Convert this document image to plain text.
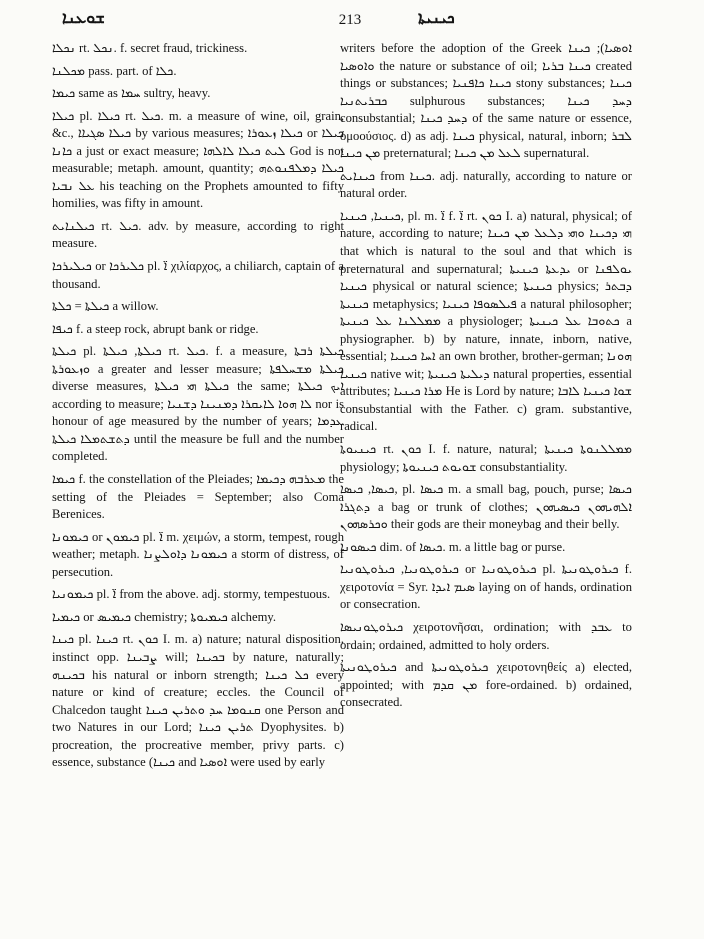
ܫܘܥܢܐ	213	ܟܝܢܝܬܐ

ܢܟܠܐ rt. ܢܟܠ. f. secret fraud, trickiness.

ܡܟܠܢܐ pass. part. of ܟܠܐ.

ܟܝܡܐ same as ܚܡܐ sultry, heavy.

ܟܝܠܐ pl. ܟܝܠܐ rt. ܟܝܠ. m. a measure of wine, oil, grain, &c., ܟܝܠܐ ܣܓܝܐܐ by various measures; ܟܝܠܐ ܙܥܘܪܐ or ܟܝܠܐ ܟܐܢܐ a just or exact measure; ܠܝܬ ܟܝܠܐ ܠܐܠܗܐ God is not measurable; metaph. amount, quantity; ܟܝܠܐ ܕܡܠܦܢܘܬܗ ܥܠ ܢܒܝܐ his teaching on the Prophets amounted to fifty homilies, was fifty in amount.

ܟܝܠܢܐܝܬ rt. ܟܝܠ. adv. by measure, according to right measure.

ܟܝܠܝܪܟܐ or ܟܠܝܪܟܐ pl. ܐ̈ χιλίαρχος, a chiliarch, captain of a thousand.

ܟܝܠܬܐ = ܟܠܬܐ a willow.

ܟܝܦܐ f. a steep rock, abrupt bank or ridge.

ܟܝܠܬܐ pl. ܟܝܠܬܐ, ܟܝܠܬܐ rt. ܟܝܠ. f. a measure, ܟܝܠܬܐ ܪܒܬܐ ܘܙܥܘܪܬܐ a greater and lesser measure; ܟܝܠܬܐ ܡܫܚܠܦܬܐ diverse measures, ܟܝܠܬܐ ܗܝ ܟܝܠܬܐ the same; ܐܝܟ ܟܝܠܬܐ according to measure; ܠܐ ܗܘܐ ܠܐܝܩܪܐ ܕܡܢܝܢܐ ܕܫܢܝܐ nor is honour of age measured by the number of years; ܥܕܡܐ ܕܬܫܬܡܠܐ ܟܝܠܬܐ until the measure be full and the number completed.

ܟܝܡܐ f. the constellation of the Pleiades; ܡܥܪܒܗ ܕܟܝܡܐ the setting of the Pleiades = September; also Coma Berenices.

ܟܝܡܘܢܐ or ܟܝܡܘܢ pl. ܐ̈ m. χειμών, a storm, tempest, rough weather; metaph. ܟܝܡܘܢܐ ܕܐܘܠܨܢܐ a storm of distress, of persecution.

ܟܝܡܘܢܝܐ pl. ܐ̈ from the above. adj. stormy, tempestuous.

ܟܝܡܝܐ or ܟܝܡܝܣ chemistry; ܟܝܡܝܘܬܐ alchemy.

ܟܝܢܐ pl. ܟܝܢܐ rt. ܟܘܢ I. m. a) nature; natural disposition, instinct opp. ܨܒܝܢܐ will; ܒܟܝܢܐ by nature, naturally; ܒܟܝܢܗ his natural or inborn strength; ܟܠ ܟܝܢܐ every nature or kind of creature; eccles. the Council of Chalcedon taught ܩܢܘܡܐ ܚܕ ܘܬܪܝܢ ܟܝܢܐ one Person and two Natures in our Lord; ܬܪܝܢ ܟܝܢܐ Dyophysites. b) procreation, the procreative member, privy parts. c) essence, substance (ܟܝܢܐ and ܐܘܣܝܐ were used by early

writers before the adoption of the Greek ܐܘܣܝܐ); ܟܝܢܐ ܘܐܘܣܝܐ the nature or substance of oil; ܟܝܢܐ ܒܪܝܐ created things or substances; ܟܝܢܐ ܟܐܦܢܝܐ stony substances; ܟܝܢܐ ܟܒܪܝܬܢܝܐ sulphurous substances; ܕܚܕ ܟܝܢܐ consubstantial; ܕܚܕ ܟܝܢܐ of the same nature or essence, ὁμοούσιος. d) as adj. ܟܝܢܐ physical, natural, inborn; ܠܒܪ ܡܢ ܟܝܢܐ preternatural; ܠܥܠ ܡܢ ܟܝܢܐ supernatural.

ܟܝܢܐܝܬ from ܟܝܢܐ. adj. naturally, according to nature or natural order.

ܟܝܢܝܐ, ܟܝܢܝܐ, pl. m. ܐ̈ f. ܐ̈ rt. ܟܘܢ I. a) natural, physical; of nature, according to nature; ܗܝ ܕܟܝܢܐ ܘܗܝ ܕܠܥܠ ܡܢ ܟܝܢܐ that which is natural to the soul and that which is preternatural and supernatural; ܝܕܥܬܐ ܟܝܢܝܬܐ or ܝܘܠܦܢܐ ܟܝܢܝܐ physical or natural science; ܟܝܢܝܬܐ physics; ܕܒܬܪ ܟܝܢܝܬܐ metaphysics; ܦܝܠܣܘܦܐ ܟܝܢܝܐ a natural philosopher; ܡܡܠܠܢܐ ܥܠ ܟܝܢܝܬܐ a physiologer; ܟܬܘܒܐ ܥܠ ܟܝܢܝܬܐ a physiographer. b) by nature, innate, inborn, native, essential; ܐܚܐ ܟܝܢܝܐ an own brother, brother-german; ܗܘܢܐ ܟܝܢܝܐ native wit; ܕܝܠܝܬܐ ܟܝܢܝܬܐ natural properties, essential attributes; ܡܪܐ ܟܝܢܝܐ He is Lord by nature; ܫܘܐ ܟܝܢܝܐ ܠܐܒܐ consubstantial with the Father. c) gram. substantive, radical.

ܟܝܢܝܘܬܐ rt. ܟܘܢ I. f. nature, natural; ܡܡܠܠܢܘܬܐ ܟܝܢܝܬܐ physiology; ܫܘܝܘܬ ܟܝܢܝܘܬܐ consubstantiality.

ܟܝܣܐ, ܟܝܣܐ, pl. ܟܝܣܐ m. a small bag, pouch, purse; ܟܝܣܐ ܕܬܓܪܐ a bag or trunk of clothes; ܐܠܗܝܗܘܢ ܟܝܣܝܗܘܢ ܘܟܪܣܗܘܢ their gods are their moneybag and their belly.

ܟܝܣܘܢܐ dim. of ܟܝܣܐ. m. a little bag or purse.

ܟܝܪܘܛܘܢܝܐ, ܟܝܪܘܛܘܢܝܐ or ܟܝܪܘܛܘܢܝܐ pl. ܟܝܪܘܛܘܢܝܬܐ f. χειροτονία = Syr. ܣܝܡ ܐܝܕܐ laying on of hands, ordination or consecration.

ܟܝܪܘܛܘܢܝܣܐ χειροτονῆσαι, ordination; with ܥܒܕ to ordain; ordained, admitted to holy orders.

ܟܝܪܘܛܘܢܝܬܐ and ܟܝܪܘܛܘܢܝܬܐ χειροτονηθείς a) elected, appointed; with ܡܢ ܩܕܡ fore-ordained. b) ordained, consecrated.
